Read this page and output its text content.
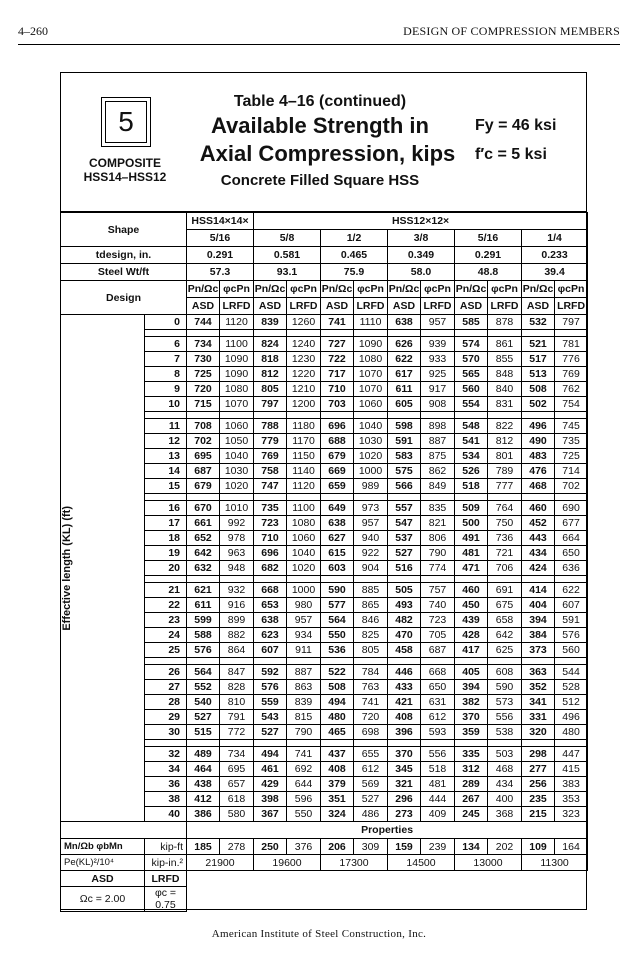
4–260	DESIGN OF COMPRESSION MEMBERS
5
COMPOSITE
HSS14–HSS12
Table 4–16 (continued)
Available Strength in
Axial Compression, kips
Concrete Filled Square HSS
Fy = 46 ksi
f′c = 5 ksi
Shape		HSS14×14×		HSS12×12×									
		5/16		5/8		1/2		3/8		5/16		1/4	
tdesign, in.		0.291		0.581		0.465		0.349		0.291		0.233	
Steel Wt/ft		57.3		93.1		75.9		58.0		48.8		39.4	
Design		Pn/Ωc	φcPn	Pn/Ωc	φcPn	Pn/Ωc	φcPn	Pn/Ωc	φcPn	Pn/Ωc	φcPn	Pn/Ωc	φcPn
		ASD	LRFD	ASD	LRFD	ASD	LRFD	ASD	LRFD	ASD	LRFD	ASD	LRFD

Effective length (KL) (ft)	0	744	1120	839	1260	741	1110	638	957	585	878	532	797

	6	734	1100	824	1240	727	1090	626	939	574	861	521	781
	7	730	1090	818	1230	722	1080	622	933	570	855	517	776
	8	725	1090	812	1220	717	1070	617	925	565	848	513	769
	9	720	1080	805	1210	710	1070	611	917	560	840	508	762
	10	715	1070	797	1200	703	1060	605	908	554	831	502	754

	11	708	1060	788	1180	696	1040	598	898	548	822	496	745
	12	702	1050	779	1170	688	1030	591	887	541	812	490	735
	13	695	1040	769	1150	679	1020	583	875	534	801	483	725
	14	687	1030	758	1140	669	1000	575	862	526	789	476	714
	15	679	1020	747	1120	659	989	566	849	518	777	468	702

	16	670	1010	735	1100	649	973	557	835	509	764	460	690
	17	661	992	723	1080	638	957	547	821	500	750	452	677
	18	652	978	710	1060	627	940	537	806	491	736	443	664
	19	642	963	696	1040	615	922	527	790	481	721	434	650
	20	632	948	682	1020	603	904	516	774	471	706	424	636

	21	621	932	668	1000	590	885	505	757	460	691	414	622
	22	611	916	653	980	577	865	493	740	450	675	404	607
	23	599	899	638	957	564	846	482	723	439	658	394	591
	24	588	882	623	934	550	825	470	705	428	642	384	576
	25	576	864	607	911	536	805	458	687	417	625	373	560

	26	564	847	592	887	522	784	446	668	405	608	363	544
	27	552	828	576	863	508	763	433	650	394	590	352	528
	28	540	810	559	839	494	741	421	631	382	573	341	512
	29	527	791	543	815	480	720	408	612	370	556	331	496
	30	515	772	527	790	465	698	396	593	359	538	320	480

	32	489	734	494	741	437	655	370	556	335	503	298	447
	34	464	695	461	692	408	612	345	518	312	468	277	415
	36	438	657	429	644	379	569	321	481	289	434	256	383
	38	412	618	398	596	351	527	296	444	267	400	235	353
	40	386	580	367	550	324	486	273	409	245	368	215	323
		Properties											
Mn/Ωb φbMn	kip-ft	185	278	250	376	206	309	159	239	134	202	109	164
Pe(KL)²/10⁴	kip-in.²	21900		19600		17300		14500		13000		11300	
ASD	LRFD												
Ωc = 2.00	φc = 0.75												
American Institute of Steel Construction, Inc.
